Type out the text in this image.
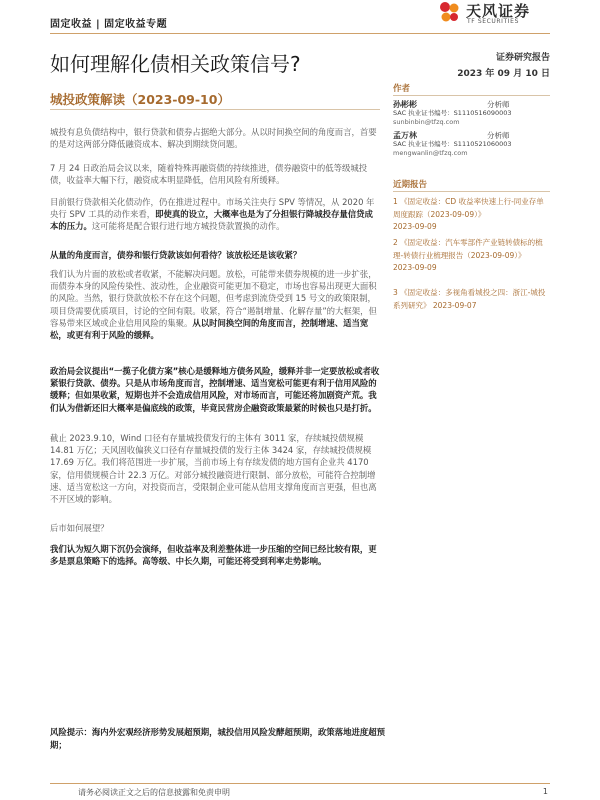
固定收益 | 固定收益专题
天风证券
TF SECURITIES
如何理解化债相关政策信号?	证券研究报告
2023 年 09 月 10 日
城投政策解读（2023-09-10）
作者
孙彬彬	分析师
SAC 执业证书编号：S1110516090003
sunbinbin@tfzq.com
孟万林	分析师
SAC 执业证书编号：S1110521060003
mengwanlin@tfzq.com
近期报告
1 《固定收益：CD 收益率快速上行-同业存单周度跟踪（2023-09-09）》
2023-09-09
2 《固定收益：汽车零部件产业链转债标的梳理-转债行业梳理报告（2023-09-09）》
2023-09-09
3 《固定收益：多视角看城投之四：浙江-城投系列研究》 2023-09-07

城投有息负债结构中，银行贷款和债券占据绝大部分。从以时间换空间的角度而言，首要的是对这两部分降低融资成本、解决到期续贷问题。

7 月 24 日政治局会议以来，随着特殊再融资债的持续推进，债券融资中的低等级城投债，收益率大幅下行，融资成本明显降低，信用风险有所缓释。

目前银行贷款相关化债动作，仍在推进过程中。市场关注央行 SPV 等情况，从 2020 年央行 SPV 工具的动作来看，即使真的设立，大概率也是为了分担银行降城投存量信贷成本的压力。这可能将是配合银行进行地方城投贷款置换的动作。

从量的角度而言，债券和银行贷款该如何看待？该放松还是该收紧？

我们认为片面的放松或者收紧，不能解决问题。放松，可能带来债券规模的进一步扩张，而债券本身的风险传染性、波动性，企业融资可能更加不稳定，市场也容易出现更大面积的风险。当然，银行贷款放松不存在这个问题，但考虑到流贷受到 15 号文的政策限制，项目贷需要优质项目，讨论的空间有限。收紧，符合“遏制增量、化解存量”的大框架，但容易带来区域或企业信用风险的集聚。从以时间换空间的角度而言，控制增速、适当宽松，或更有利于风险的缓释。

政治局会议提出“一揽子化债方案”核心是缓释地方债务风险，缓释并非一定要放松或者收紧银行贷款、债券。只是从市场角度而言，控制增速、适当宽松可能更有利于信用风险的缓释；但如果收紧，短期也并不会造成信用风险，对市场而言，可能还将加剧资产荒。我们认为借新还旧大概率是偏底线的政策，毕竟民营房企融资政策最紧的时候也只是打折。

截止 2023.9.10，Wind 口径有存量城投债发行的主体有 3011 家，存续城投债规模 14.81 万亿；天风固收偏狭义口径有存量城投债的发行主体 3424 家，存续城投债规模 17.69 万亿。我们将范围进一步扩展，当前市场上有存续发债的地方国有企业共 4170 家，信用债规模合计 22.3 万亿。对部分城投融资进行限制、部分放松，可能符合控制增速、适当宽松这一方向，对投资而言，受限制企业可能从信用支撑角度而言更强，但也离不开区域的影响。

后市如何展望？

我们认为短久期下沉仍会演绎，但收益率及利差整体进一步压缩的空间已经比较有限，更多是票息策略下的选择。高等级、中长久期，可能还将受到利率走势影响。

风险提示：海内外宏观经济形势发展超预期，城投信用风险发酵超预期，政策落地进度超预期；
请务必阅读正文之后的信息披露和免责申明	1
